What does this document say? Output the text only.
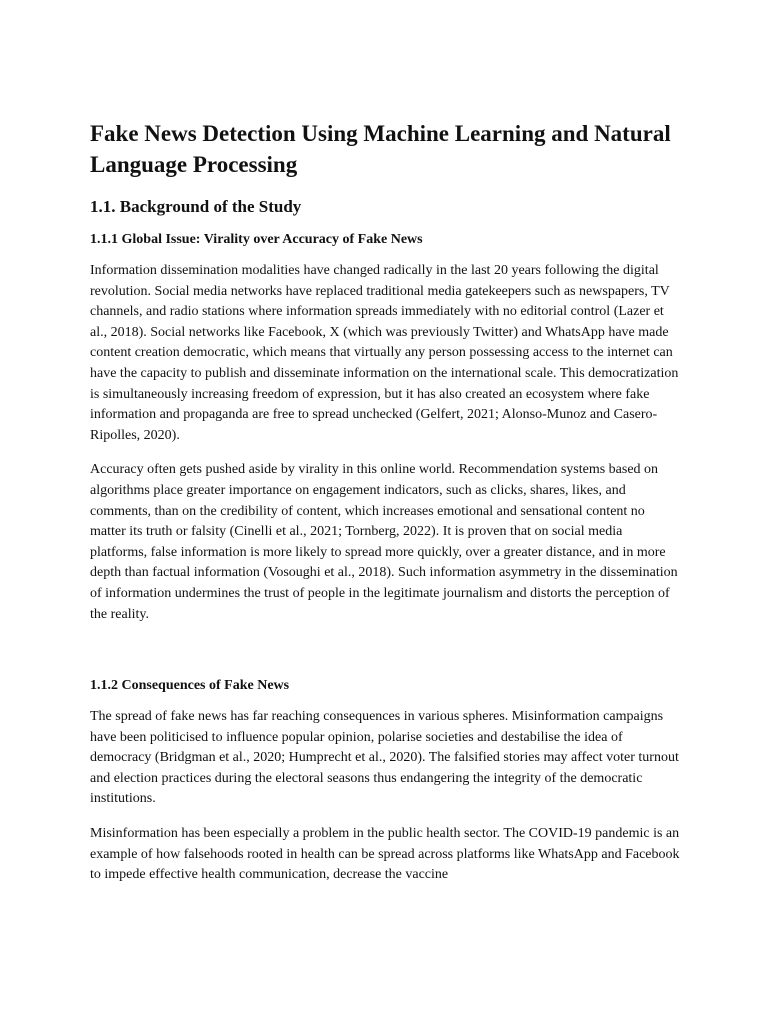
Fake News Detection Using Machine Learning and Natural Language Processing
1.1. Background of the Study
1.1.1 Global Issue: Virality over Accuracy of Fake News

Information dissemination modalities have changed radically in the last 20 years following the digital revolution. Social media networks have replaced traditional media gatekeepers such as newspapers, TV channels, and radio stations where information spreads immediately with no editorial control (Lazer et al., 2018). Social networks like Facebook, X (which was previously Twitter) and WhatsApp have made content creation democratic, which means that virtually any person possessing access to the internet can have the capacity to publish and disseminate information on the international scale. This democratization is simultaneously increasing freedom of expression, but it has also created an ecosystem where fake information and propaganda are free to spread unchecked (Gelfert, 2021; Alonso-Munoz and Casero-Ripolles, 2020).

Accuracy often gets pushed aside by virality in this online world. Recommendation systems based on algorithms place greater importance on engagement indicators, such as clicks, shares, likes, and comments, than on the credibility of content, which increases emotional and sensational content no matter its truth or falsity (Cinelli et al., 2021; Tornberg, 2022). It is proven that on social media platforms, false information is more likely to spread more quickly, over a greater distance, and in more depth than factual information (Vosoughi et al., 2018). Such information asymmetry in the dissemination of information undermines the trust of people in the legitimate journalism and distorts the perception of the reality.

1.1.2 Consequences of Fake News

The spread of fake news has far reaching consequences in various spheres. Misinformation campaigns have been politicised to influence popular opinion, polarise societies and destabilise the idea of democracy (Bridgman et al., 2020; Humprecht et al., 2020). The falsified stories may affect voter turnout and election practices during the electoral seasons thus endangering the integrity of the democratic institutions.

Misinformation has been especially a problem in the public health sector. The COVID-19 pandemic is an example of how falsehoods rooted in health can be spread across platforms like WhatsApp and Facebook to impede effective health communication, decrease the vaccine
